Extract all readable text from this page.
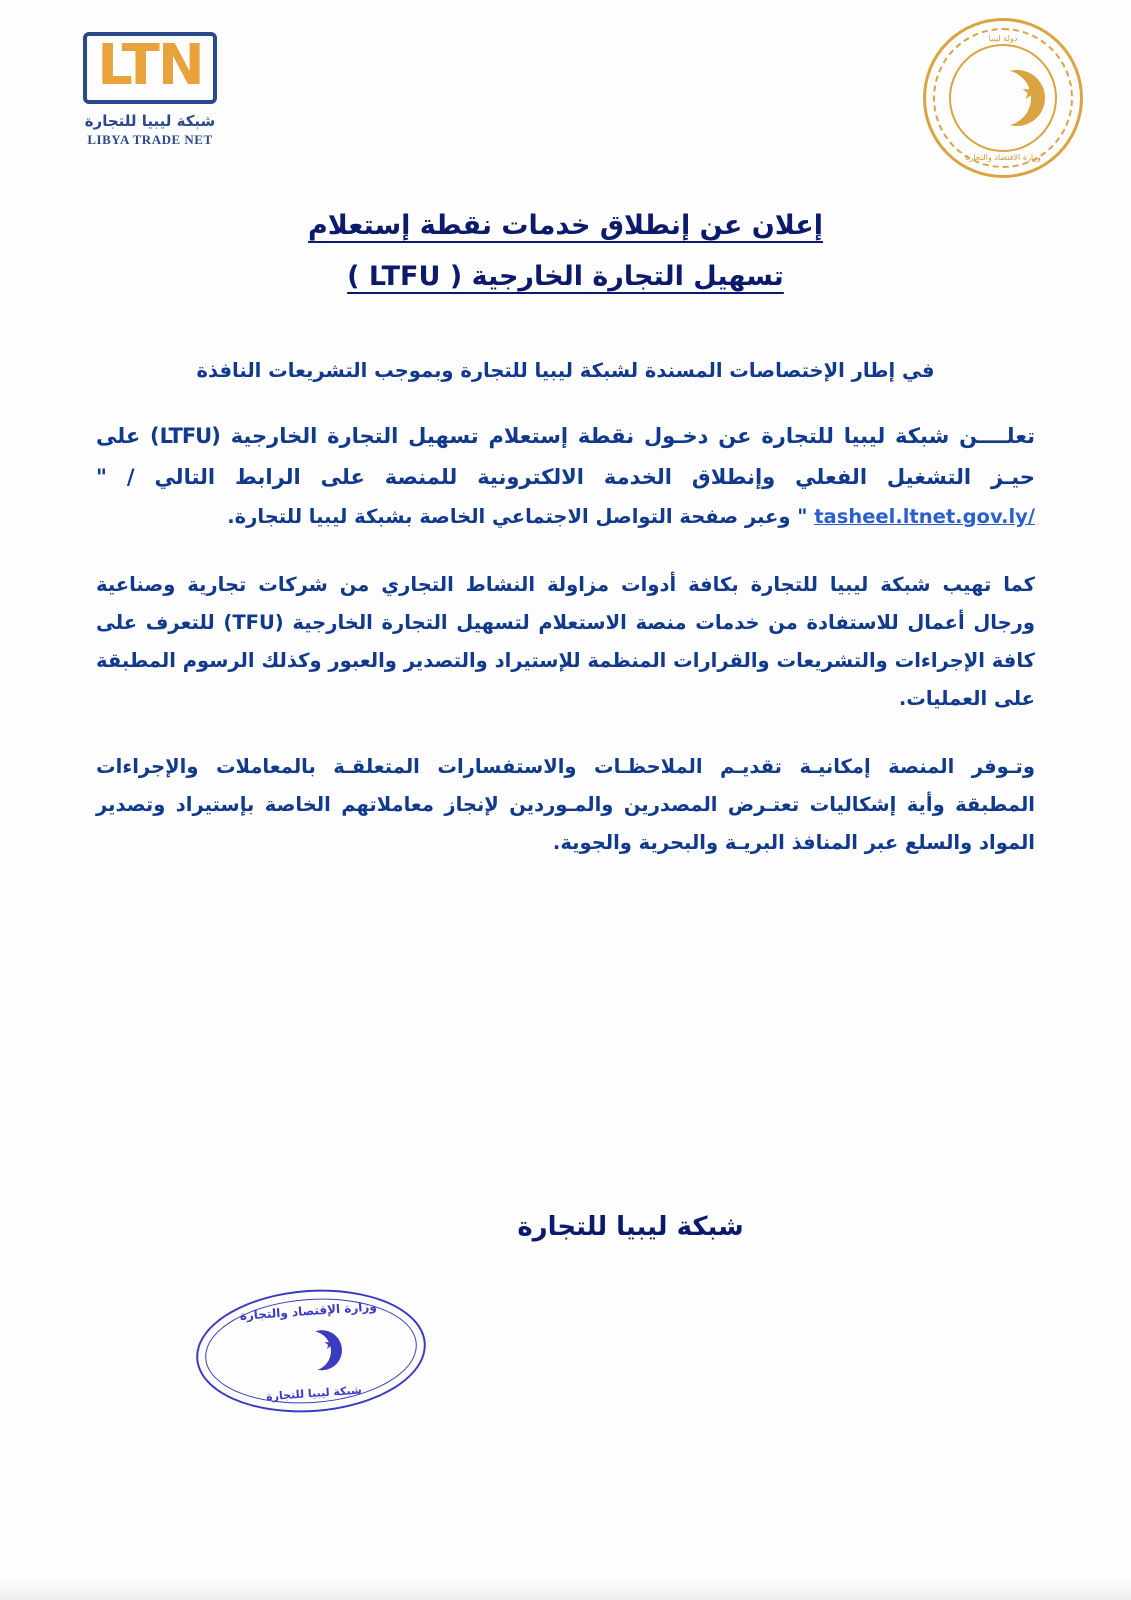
LTN
شبكة ليبيا للتجارة
LIBYA TRADE NET
دولة ليبيا
★
وزارة الاقتصاد والتجارة
إعلان عن إنطلاق خدمات نقطة إستعلام
تسهيل التجارة الخارجية ( LTFU )

في إطار الإختصاصات المسندة لشبكة ليبيا للتجارة وبموجب التشريعات النافذة

تعلــــن شبكة ليبيا للتجارة عن دخـول نقطة إستعلام تسهيل التجارة الخارجية (LTFU) على حيـز التشغيل الفعلي وإنطلاق الخدمة الالكترونية للمنصة على الرابط التالي / " tasheel.ltnet.gov.ly/ " وعبر صفحة التواصل الاجتماعي الخاصة بشبكة ليبيا للتجارة.

كما تهيب شبكة ليبيا للتجارة بكافة أدوات مزاولة النشاط التجاري من شركات تجارية وصناعية ورجال أعمال للاستفادة من خدمات منصة الاستعلام لتسهيل التجارة الخارجية (TFU) للتعرف على كافة الإجراءات والتشريعات والقرارات المنظمة للإستيراد والتصدير والعبور وكذلك الرسوم المطبقة على العمليات.

وتـوفر المنصة إمكانيـة تقديـم الملاحظـات والاستفسارات المتعلقـة بالمعاملات والإجراءات المطبقة وأية إشكاليات تعتـرض المصدرين والمـوردين لإنجاز معاملاتهم الخاصة بإستيراد وتصدير المواد والسلع عبر المنافذ البريـة والبحرية والجوية.

شبكة ليبيا للتجارة
وزارة الإقتصاد والتجارة
★
شبكة ليبيا للتجارة
